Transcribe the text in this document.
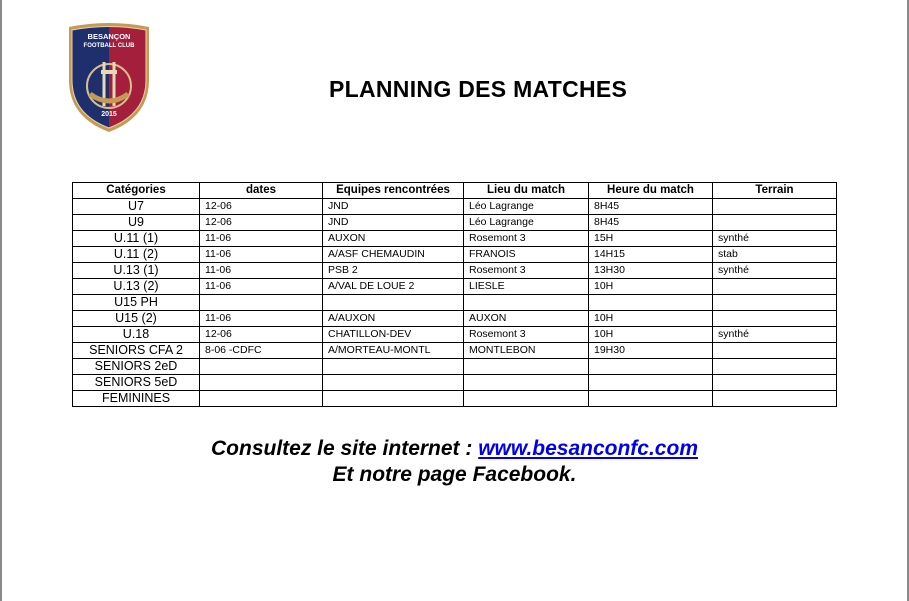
BESANÇON
FOOTBALL CLUB
2015
PLANNING DES MATCHES
Catégories	dates	Equipes rencontrées	Lieu du match	Heure du match	Terrain
U7	12-06	JND	Léo Lagrange	8H45	
U9	12-06	JND	Léo Lagrange	8H45	
U.11 (1)	11-06	AUXON	Rosemont 3	15H	synthé
U.11 (2)	11-06	A/ASF CHEMAUDIN	FRANOIS	14H15	stab
U.13 (1)	11-06	PSB 2	Rosemont 3	13H30	synthé
U.13 (2)	11-06	A/VAL DE LOUE 2	LIESLE	10H	
U15 PH					
U15 (2)	11-06	A/AUXON	AUXON	10H	
U.18	12-06	CHATILLON-DEV	Rosemont 3	10H	synthé
SENIORS CFA 2	8-06 -CDFC	A/MORTEAU-MONTL	MONTLEBON	19H30	
SENIORS 2eD					
SENIORS 5eD					
FEMININES					
Consultez le site internet : www.besanconfc.com
Et notre page Facebook.
